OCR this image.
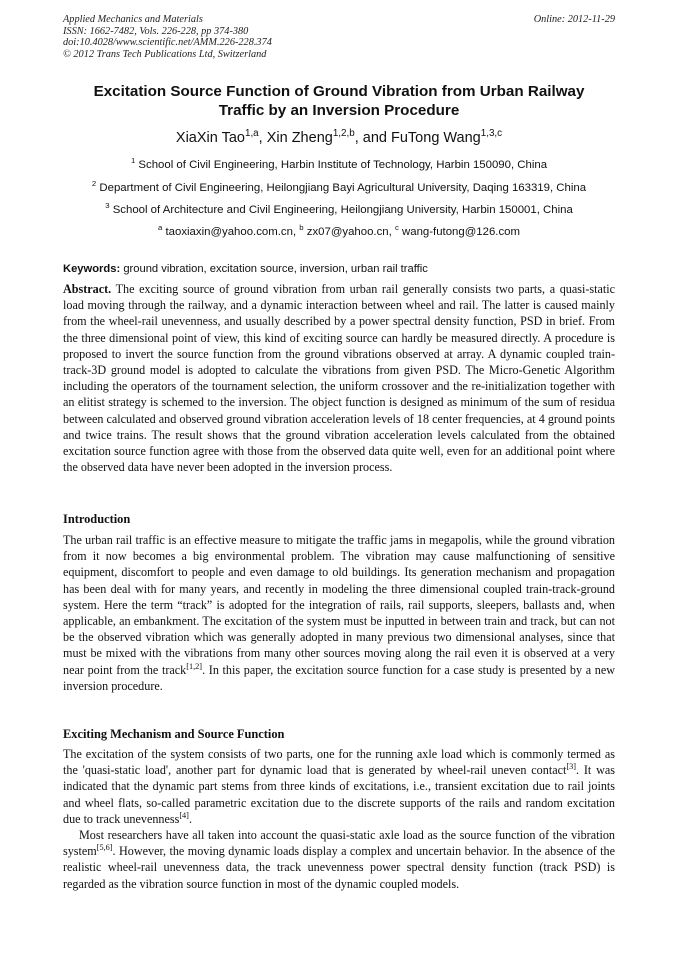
Applied Mechanics and Materials
ISSN: 1662-7482, Vols. 226-228, pp 374-380
doi:10.4028/www.scientific.net/AMM.226-228.374
© 2012 Trans Tech Publications Ltd, Switzerland
Online: 2012-11-29
Excitation Source Function of Ground Vibration from Urban Railway
Traffic by an Inversion Procedure
XiaXin Tao$^{1,a}$, Xin Zheng$^{1,2,b}$, and FuTong Wang$^{1,3,c}$
$^1$ School of Civil Engineering, Harbin Institute of Technology, Harbin 150090, China
$^2$ Department of Civil Engineering, Heilongjiang Bayi Agricultural University, Daqing 163319, China
$^3$ School of Architecture and Civil Engineering, Heilongjiang University, Harbin 150001, China
$^a$ taoxiaxin@yahoo.com.cn, $^b$ zx07@yahoo.cn, $^c$ wang-futong@126.com
Keywords: ground vibration, excitation source, inversion, urban rail traffic

Abstract. The exciting source of ground vibration from urban rail generally consists two parts, a quasi-static load moving through the railway, and a dynamic interaction between wheel and rail. The latter is caused mainly from the wheel-rail unevenness, and usually described by a power spectral density function, PSD in brief. From the three dimensional point of view, this kind of exciting source can hardly be measured directly. A procedure is proposed to invert the source function from the ground vibrations observed at array. A dynamic coupled train-track-3D ground model is adopted to calculate the vibrations from given PSD. The Micro-Genetic Algorithm including the operators of the tournament selection, the uniform crossover and the re-initialization together with an elitist strategy is schemed to the inversion. The object function is designed as minimum of the sum of residua between calculated and observed ground vibration acceleration levels of 18 center frequencies, at 4 ground points and twice trains. The result shows that the ground vibration acceleration levels calculated from the obtained excitation source function agree with those from the observed data quite well, even for an additional point where the observed data have never been adopted in the inversion process.

Introduction

The urban rail traffic is an effective measure to mitigate the traffic jams in megapolis, while the ground vibration from it now becomes a big environmental problem. The vibration may cause malfunctioning of sensitive equipment, discomfort to people and even damage to old buildings. Its generation mechanism and propagation has been deal with for many years, and recently in modeling the three dimensional coupled train-track-ground system. Here the term “track” is adopted for the integration of rails, rail supports, sleepers, ballasts and, when applicable, an embankment. The excitation of the system must be inputted in between train and track, but can not be the observed vibration which was generally adopted in many previous two dimensional analyses, since that must be mixed with the vibrations from many other sources moving along the rail even it is observed at a very near point from the track[1,2]. In this paper, the excitation source function for a case study is presented by a new inversion procedure.

Exciting Mechanism and Source Function

The excitation of the system consists of two parts, one for the running axle load which is commonly termed as the 'quasi-static load', another part for dynamic load that is generated by wheel-rail uneven contact[3]. It was indicated that the dynamic part stems from three kinds of excitations, i.e., transient excitation due to rail joints and wheel flats, so-called parametric excitation due to the discrete supports of the rails and random excitation due to track unevenness[4].

Most researchers have all taken into account the quasi-static axle load as the source function of the vibration system[5,6]. However, the moving dynamic loads display a complex and uncertain behavior. In the absence of the realistic wheel-rail unevenness data, the track unevenness power spectral density function (track PSD) is regarded as the vibration source function in most of the dynamic coupled models.
